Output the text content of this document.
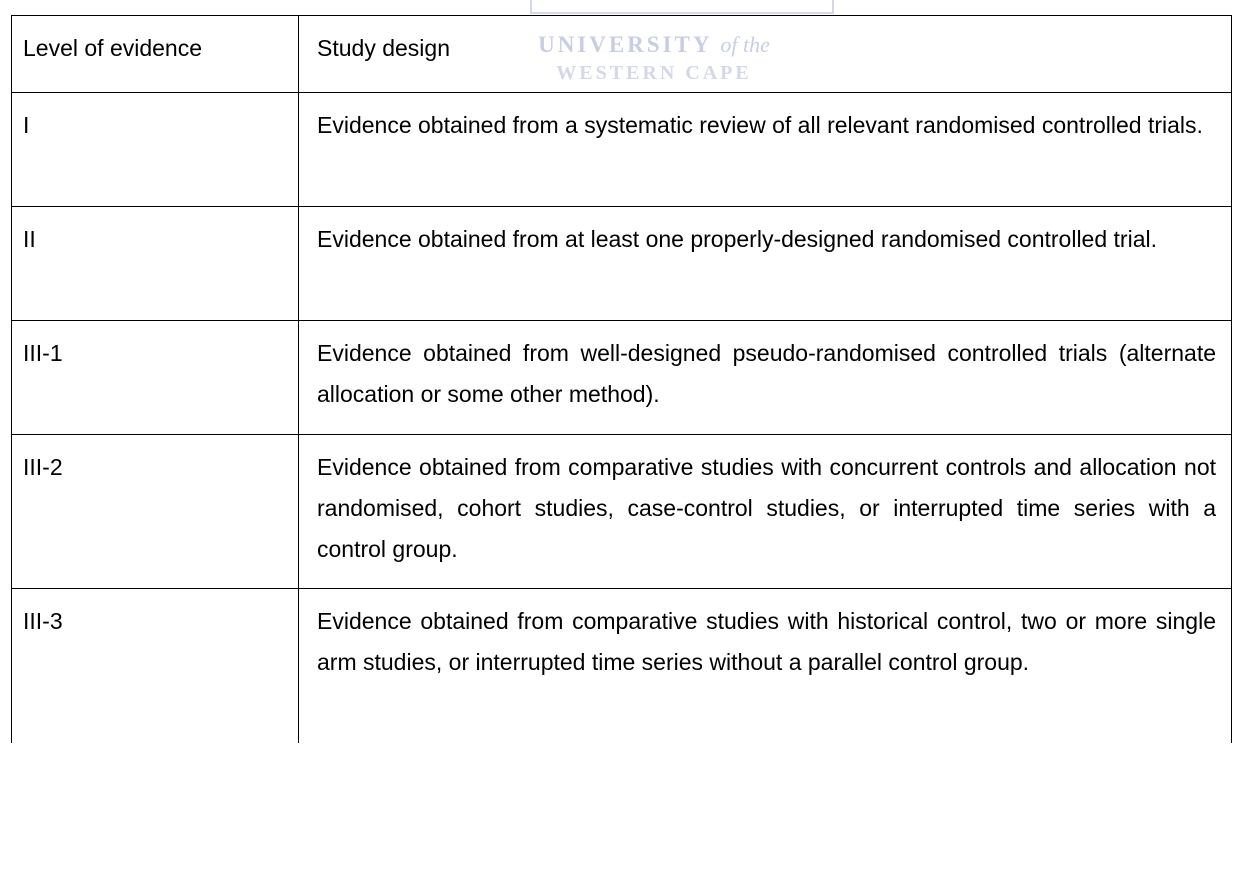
UNIVERSITY of the
WESTERN CAPE
Level of evidence	Study design
I	Evidence obtained from a systematic review of all relevant randomised controlled trials.
II	Evidence obtained from at least one properly-designed randomised controlled trial.
III-1	Evidence obtained from well-designed pseudo-randomised controlled trials (alternate allocation or some other method).
III-2	Evidence obtained from comparative studies with concurrent controls and allocation not randomised, cohort studies, case-control studies, or interrupted time series with a control group.
III-3	Evidence obtained from comparative studies with historical control, two or more single arm studies, or interrupted time series without a parallel control group.
